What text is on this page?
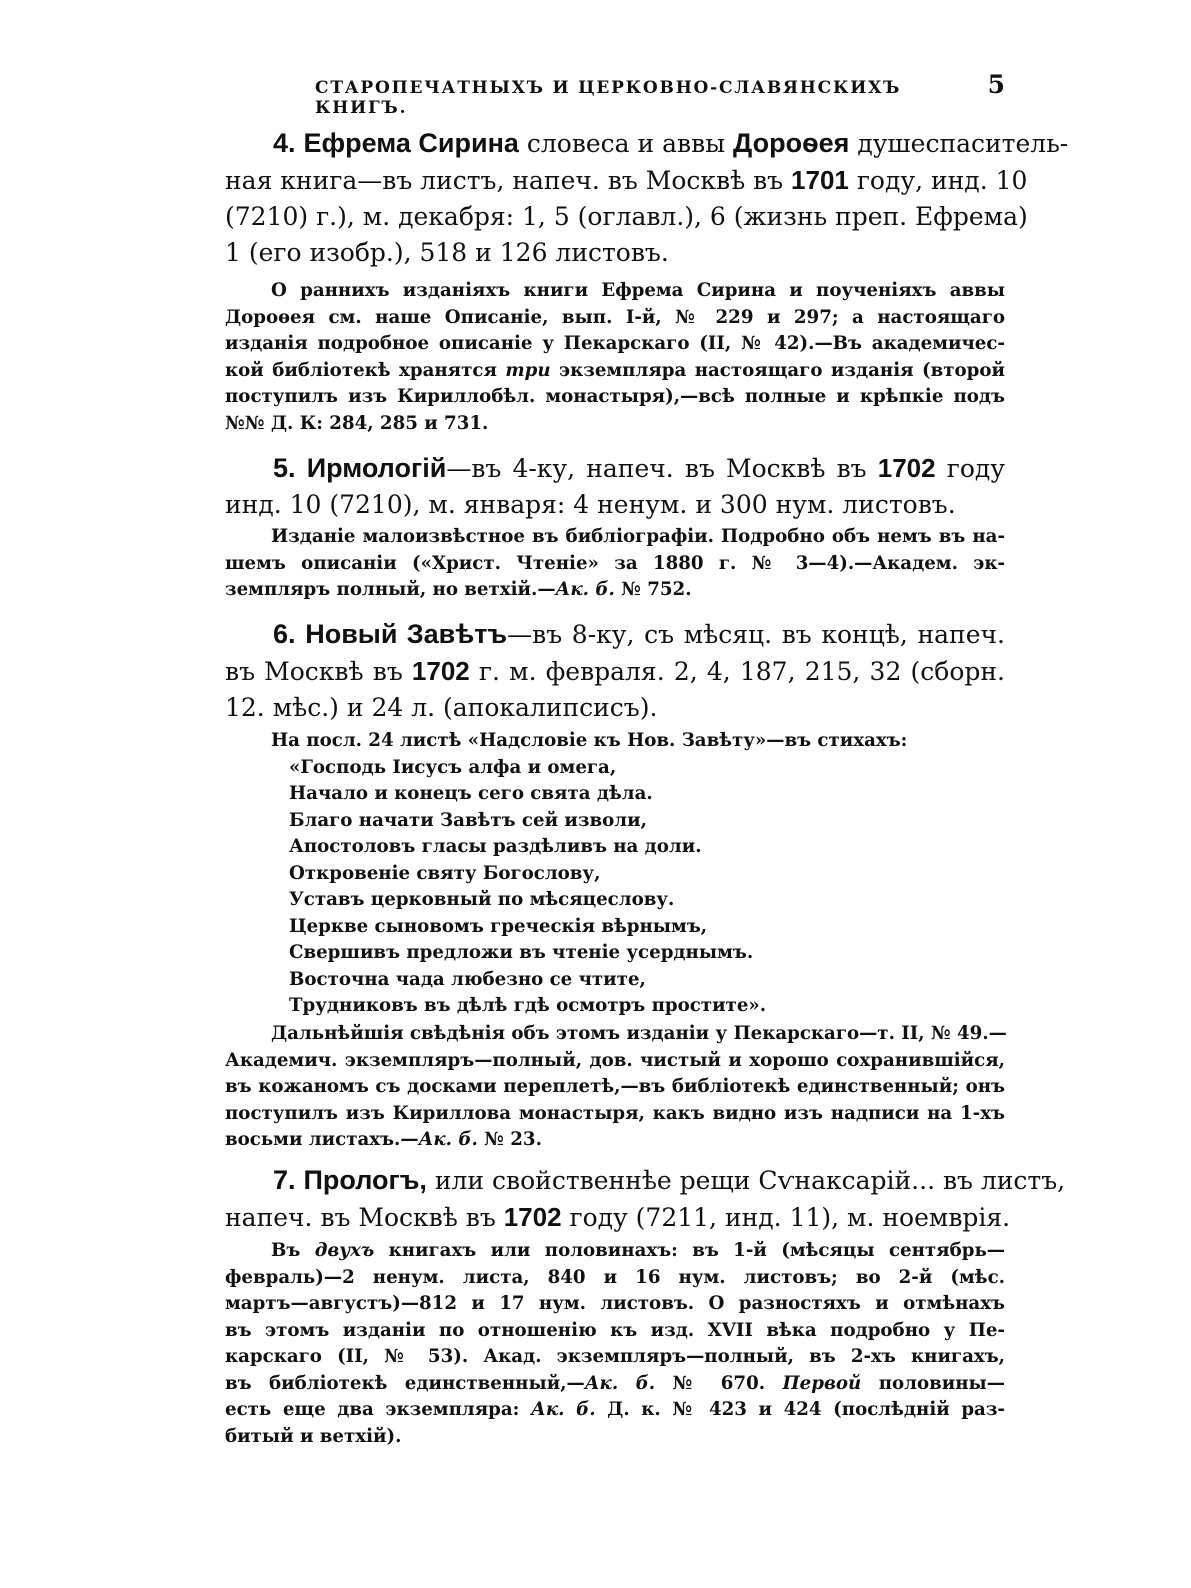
СТАРОПЕЧАТНЫХЪ И ЦЕРКОВНО-СЛАВЯНСКИХЪ КНИГЪ.
5

4. Ефрема Сирина словеса и аввы Дороѳея душеспаситель-

ная книга—въ листъ, напеч. въ Москвѣ въ 1701 году, инд. 10

(7210) г.), м. декабря: 1, 5 (оглавл.), 6 (жизнь преп. Ефрема)

1 (его изобр.), 518 и 126 листовъ.

О раннихъ изданіяхъ книги Ефрема Сирина и поученіяхъ аввы

Дороѳея см. наше Описаніе, вып. І-й, № 229 и 297; а настоящаго

изданія подробное описаніе у Пекарскаго (II, № 42).—Въ академичес-

кой библіотекѣ хранятся три экземпляра настоящаго изданія (второй

поступилъ изъ Кириллобѣл. монастыря),—всѣ полные и крѣпкіе подъ

№№ Д. К: 284, 285 и 731.

5. Ирмологій—въ 4-ку, напеч. въ Москвѣ въ 1702 году

инд. 10 (7210), м. января: 4 ненум. и 300 нум. листовъ.

Изданіе малоизвѣстное въ библіографіи. Подробно объ немъ въ на-

шемъ описаніи («Христ. Чтеніе» за 1880 г. № 3—4).—Академ. эк-

земпляръ полный, но ветхій.—Ак. б. № 752.

6. Новый Завѣтъ—въ 8-ку, съ мѣсяц. въ концѣ, напеч.

въ Москвѣ въ 1702 г. м. февраля. 2, 4, 187, 215, 32 (сборн.

12. мѣс.) и 24 л. (апокалипсисъ).

На посл. 24 листѣ «Надсловіе къ Нов. Завѣту»—въ стихахъ:

«Господь Іисусъ алфа и омега,

Начало и конецъ сего свята дѣла.

Благо начати Завѣтъ сей изволи,

Апостоловъ гласы раздѣливъ на доли.

Откровеніе святу Богослову,

Уставъ церковный по мѣсяцеслову.

Церкве сыновомъ греческія вѣрнымъ,

Свершивъ предложи въ чтеніе усерднымъ.

Восточна чада любезно се чтите,

Трудниковъ въ дѣлѣ гдѣ осмотръ простите».

Дальнѣйшія свѣдѣнія объ этомъ изданіи у Пекарскаго—т. II, № 49.—

Академич. экземпляръ—полный, дов. чистый и хорошо сохранившійся,

въ кожаномъ съ досками переплетѣ,—въ библіотекѣ единственный; онъ

поступилъ изъ Кириллова монастыря, какъ видно изъ надписи на 1-хъ

восьми листахъ.—Ак. б. № 23.

7. Прологъ, или свойственнѣе рещи Сѵнаксарій... въ листъ,

напеч. въ Москвѣ въ 1702 году (7211, инд. 11), м. ноемврія.

Въ двухъ книгахъ или половинахъ: въ 1-й (мѣсяцы сентябрь—

февраль)—2 ненум. листа, 840 и 16 нум. листовъ; во 2-й (мѣс.

мартъ—августъ)—812 и 17 нум. листовъ. О разностяхъ и отмѣнахъ

въ этомъ изданіи по отношенію къ изд. XVII вѣка подробно у Пе-

карскаго (II, № 53). Акад. экземпляръ—полный, въ 2-хъ книгахъ,

въ библіотекѣ единственный,—Ак. б. № 670. Первой половины—

есть еще два экземпляра: Ак. б. Д. к. № 423 и 424 (послѣдній раз-

битый и ветхій).
